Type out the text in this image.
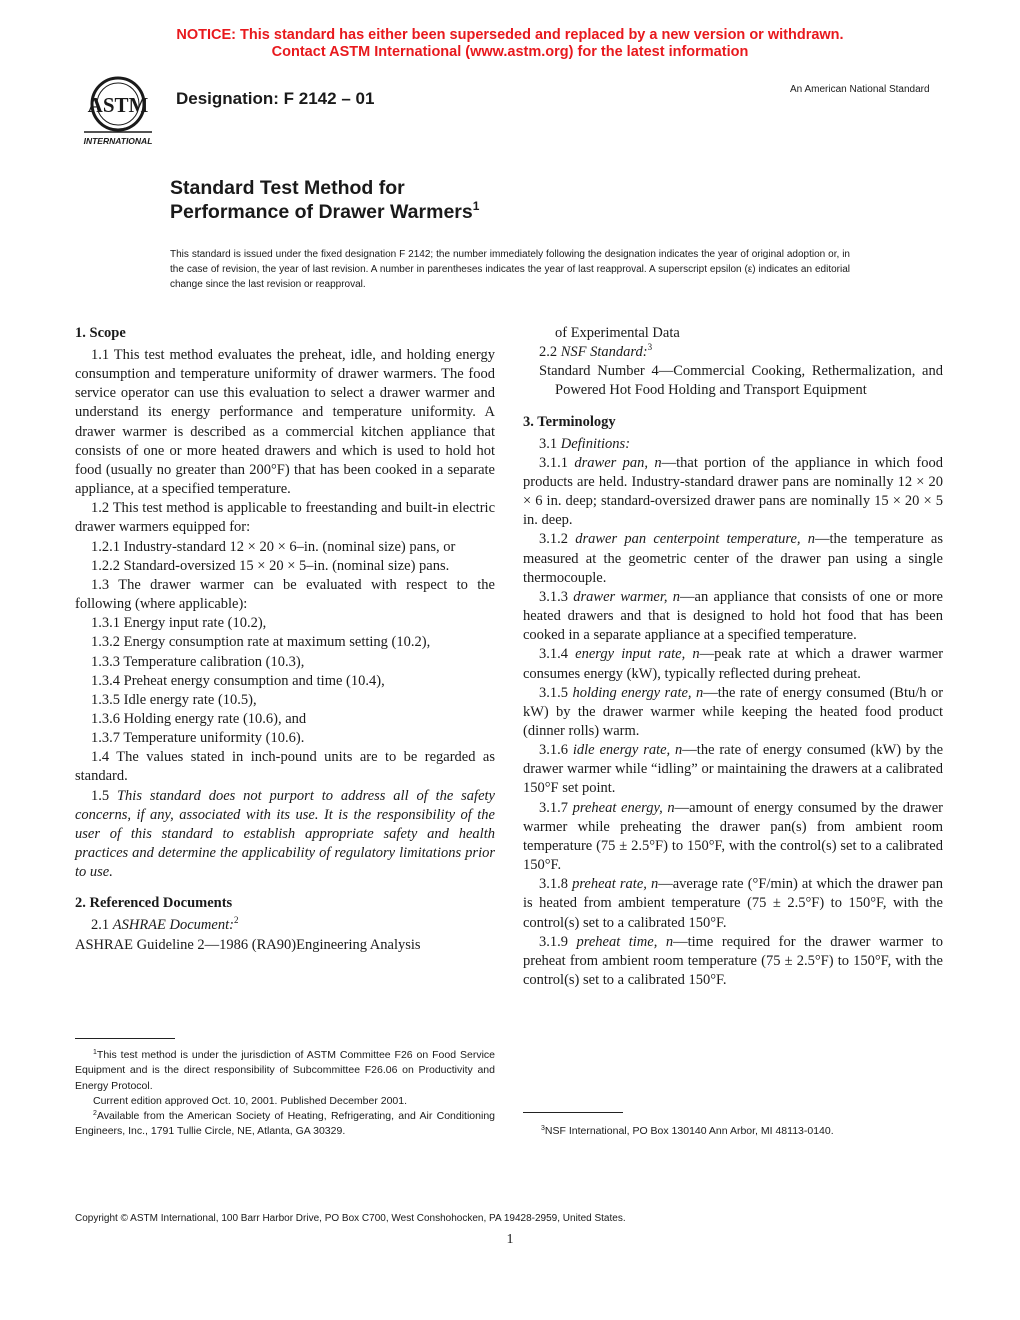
NOTICE: This standard has either been superseded and replaced by a new version or withdrawn.
Contact ASTM International (www.astm.org) for the latest information
ASTM
INTERNATIONAL
Designation: F 2142 – 01	An American National Standard
Standard Test Method for
Performance of Drawer Warmers$^1$
This standard is issued under the fixed designation F 2142; the number immediately following the designation indicates the year of original adoption or, in the case of revision, the year of last revision. A number in parentheses indicates the year of last reapproval. A superscript epsilon (ε) indicates an editorial change since the last revision or reapproval.
1. Scope

1.1 This test method evaluates the preheat, idle, and holding energy consumption and temperature uniformity of drawer warmers. The food service operator can use this evaluation to select a drawer warmer and understand its energy performance and temperature uniformity. A drawer warmer is described as a commercial kitchen appliance that consists of one or more heated drawers and which is used to hold hot food (usually no greater than 200°F) that has been cooked in a separate appliance, at a specified temperature.

1.2 This test method is applicable to freestanding and built-in electric drawer warmers equipped for:

1.2.1 Industry-standard 12 × 20 × 6–in. (nominal size) pans, or

1.2.2 Standard-oversized 15 × 20 × 5–in. (nominal size) pans.

1.3 The drawer warmer can be evaluated with respect to the following (where applicable):

1.3.1 Energy input rate (10.2),

1.3.2 Energy consumption rate at maximum setting (10.2),

1.3.3 Temperature calibration (10.3),

1.3.4 Preheat energy consumption and time (10.4),

1.3.5 Idle energy rate (10.5),

1.3.6 Holding energy rate (10.6), and

1.3.7 Temperature uniformity (10.6).

1.4 The values stated in inch-pound units are to be regarded as standard.

1.5 This standard does not purport to address all of the safety concerns, if any, associated with its use. It is the responsibility of the user of this standard to establish appropriate safety and health practices and determine the applicability of regulatory limitations prior to use.

2. Referenced Documents

2.1 ASHRAE Document:$^2$

ASHRAE Guideline 2—1986 (RA90)Engineering Analysis

of Experimental Data

2.2 NSF Standard:$^3$

Standard Number 4—Commercial Cooking, Rethermalization, and Powered Hot Food Holding and Transport Equipment

3. Terminology

3.1 Definitions:

3.1.1 drawer pan, n—that portion of the appliance in which food products are held. Industry-standard drawer pans are nominally 12 × 20 × 6 in. deep; standard-oversized drawer pans are nominally 15 × 20 × 5 in. deep.

3.1.2 drawer pan centerpoint temperature, n—the temperature as measured at the geometric center of the drawer pan using a single thermocouple.

3.1.3 drawer warmer, n—an appliance that consists of one or more heated drawers and that is designed to hold hot food that has been cooked in a separate appliance at a specified temperature.

3.1.4 energy input rate, n—peak rate at which a drawer warmer consumes energy (kW), typically reflected during preheat.

3.1.5 holding energy rate, n—the rate of energy consumed (Btu/h or kW) by the drawer warmer while keeping the heated food product (dinner rolls) warm.

3.1.6 idle energy rate, n—the rate of energy consumed (kW) by the drawer warmer while “idling” or maintaining the drawers at a calibrated 150°F set point.

3.1.7 preheat energy, n—amount of energy consumed by the drawer warmer while preheating the drawer pan(s) from ambient room temperature (75 ± 2.5°F) to 150°F, with the control(s) set to a calibrated 150°F.

3.1.8 preheat rate, n—average rate (°F/min) at which the drawer pan is heated from ambient temperature (75 ± 2.5°F) to 150°F, with the control(s) set to a calibrated 150°F.

3.1.9 preheat time, n—time required for the drawer warmer to preheat from ambient room temperature (75 ± 2.5°F) to 150°F, with the control(s) set to a calibrated 150°F.

$^1$This test method is under the jurisdiction of ASTM Committee F26 on Food Service Equipment and is the direct responsibility of Subcommittee F26.06 on Productivity and Energy Protocol.

Current edition approved Oct. 10, 2001. Published December 2001.

$^2$Available from the American Society of Heating, Refrigerating, and Air Conditioning Engineers, Inc., 1791 Tullie Circle, NE, Atlanta, GA 30329.	$^3$NSF International, PO Box 130140 Ann Arbor, MI 48113-0140.

Copyright © ASTM International, 100 Barr Harbor Drive, PO Box C700, West Conshohocken, PA 19428-2959, United States.
1
